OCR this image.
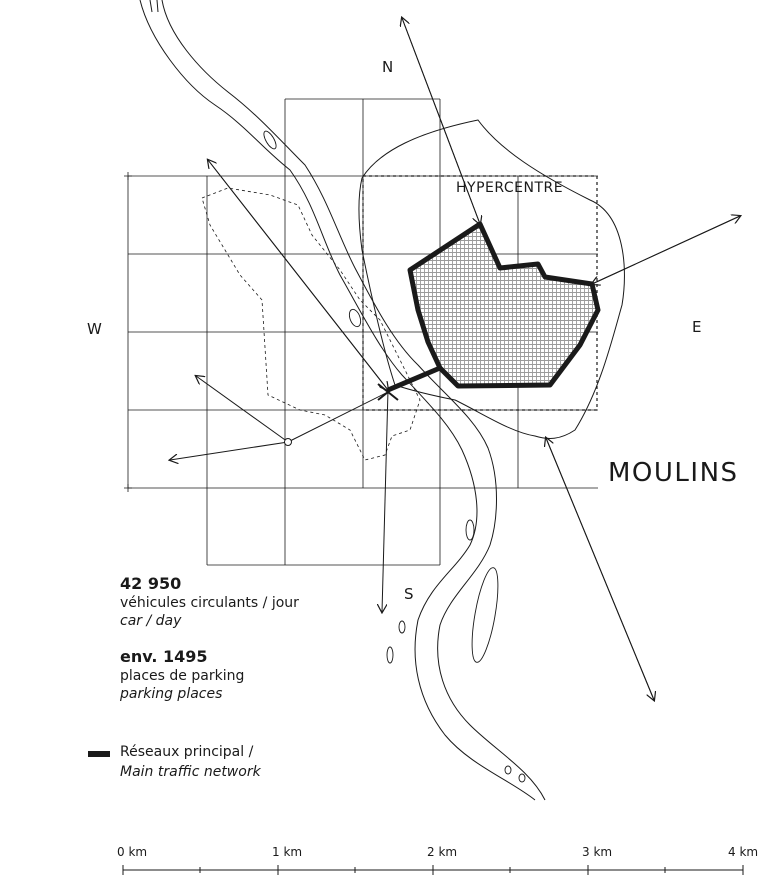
N
W	E
S
HYPERCENTRE
MOULINS

42 950

véhicules circulants / jour

car / day

env. 1495

places de parking

parking places

Réseaux principal /
Main traffic network
0 km	1 km	2 km	3 km	4 km
